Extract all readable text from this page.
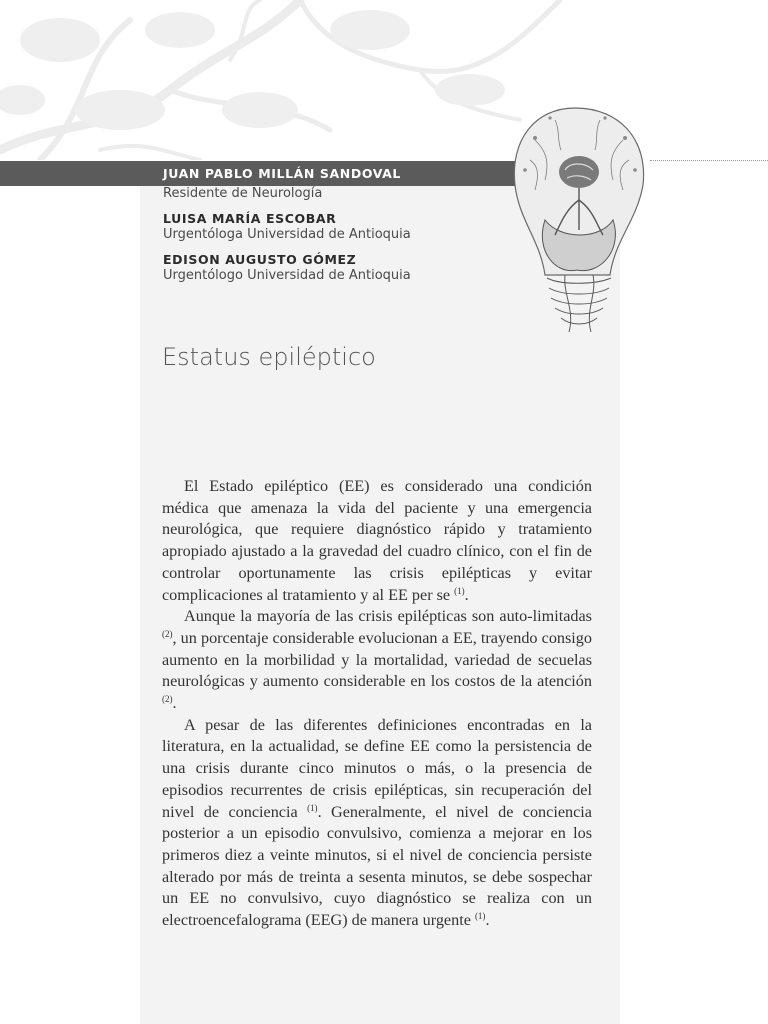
JUAN PABLO MILLÁN SANDOVAL
Residente de Neurología
LUISA MARÍA ESCOBAR
Urgentóloga Universidad de Antioquia
EDISON AUGUSTO GÓMEZ
Urgentólogo Universidad de Antioquia
Estatus epiléptico

El Estado epiléptico (EE) es considerado una condición médica que amenaza la vida del paciente y una emergencia neurológica, que requiere diagnóstico rápido y tratamiento apropiado ajustado a la gravedad del cuadro clínico, con el fin de controlar oportunamente las crisis epilépticas y evitar complicaciones al tratamiento y al EE per se $^{(1)}$.

Aunque la mayoría de las crisis epilépticas son auto-limitadas $^{(2)}$, un porcentaje considerable evolucionan a EE, trayendo consigo aumento en la morbilidad y la mortalidad, variedad de secuelas neurológicas y aumento considerable en los costos de la atención $^{(2)}$.

A pesar de las diferentes definiciones encontradas en la literatura, en la actualidad, se define EE como la persistencia de una crisis durante cinco minutos o más, o la presencia de episodios recurrentes de crisis epilépticas, sin recuperación del nivel de conciencia $^{(1)}$. Generalmente, el nivel de conciencia posterior a un episodio convulsivo, comienza a mejorar en los primeros diez a veinte minutos, si el nivel de conciencia persiste alterado por más de treinta a sesenta minutos, se debe sospechar un EE no convulsivo, cuyo diagnóstico se realiza con un electroencefalograma (EEG) de manera urgente $^{(1)}$.
